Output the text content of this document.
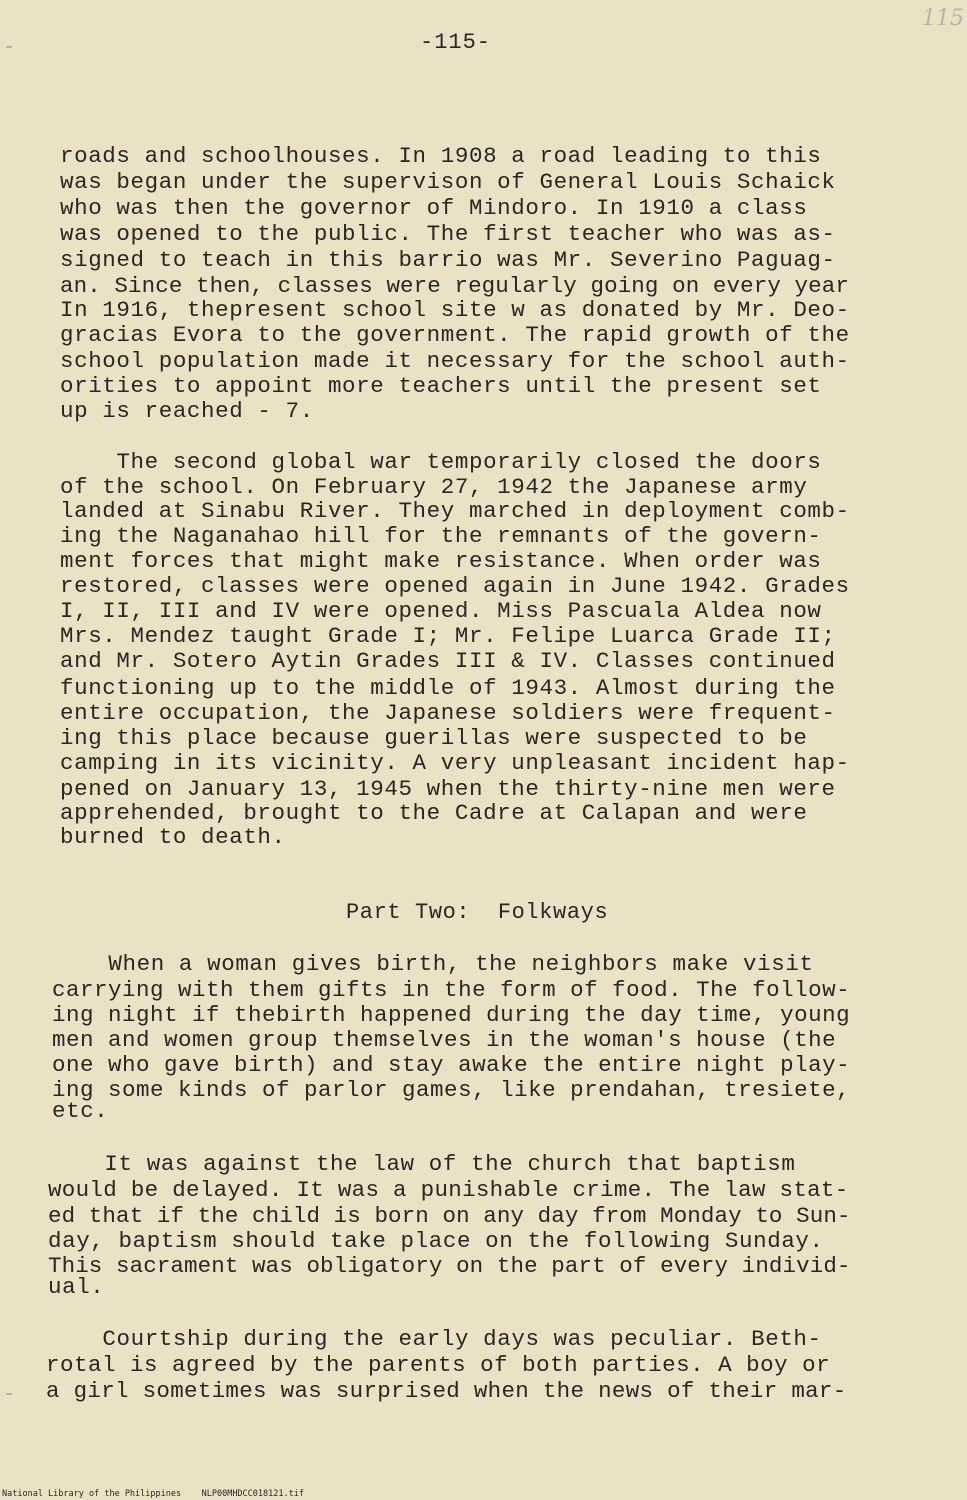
-115-
115
roads and schoolhouses. In 1908 a road leading to this
was began under the supervison of General Louis Schaick
who was then the governor of Mindoro. In 1910 a class
was opened to the public. The first teacher who was as-
signed to teach in this barrio was Mr. Severino Paguag-
an. Since then, classes were regularly going on every year
In 1916, thepresent school site w as donated by Mr. Deo-
gracias Evora to the government. The rapid growth of the
school population made it necessary for the school auth-
orities to appoint more teachers until the present set
up is reached - 7.
The second global war temporarily closed the doors
of the school. On February 27, 1942 the Japanese army
landed at Sinabu River. They marched in deployment comb-
ing the Naganahao hill for the remnants of the govern-
ment forces that might make resistance. When order was
restored, classes were opened again in June 1942. Grades
I, II, III and IV were opened. Miss Pascuala Aldea now
Mrs. Mendez taught Grade I; Mr. Felipe Luarca Grade II;
and Mr. Sotero Aytin Grades III & IV. Classes continued
functioning up to the middle of 1943. Almost during the
entire occupation, the Japanese soldiers were frequent-
ing this place because guerillas were suspected to be
camping in its vicinity. A very unpleasant incident hap-
pened on January 13, 1945 when the thirty-nine men were
apprehended, brought to the Cadre at Calapan and were
burned to death.
Part Two:  Folkways
When a woman gives birth, the neighbors make visit
carrying with them gifts in the form of food. The follow-
ing night if thebirth happened during the day time, young
men and women group themselves in the woman's house (the
one who gave birth) and stay awake the entire night play-
ing some kinds of parlor games, like prendahan, tresiete,
etc.
It was against the law of the church that baptism
would be delayed. It was a punishable crime. The law stat-
ed that if the child is born on any day from Monday to Sun-
day, baptism should take place on the following Sunday.
This sacrament was obligatory on the part of every individ-
ual.
Courtship during the early days was peculiar. Beth-
rotal is agreed by the parents of both parties. A boy or
a girl sometimes was surprised when the news of their mar-
National Library of the Philippines NLP00MHDCC018121.tif
